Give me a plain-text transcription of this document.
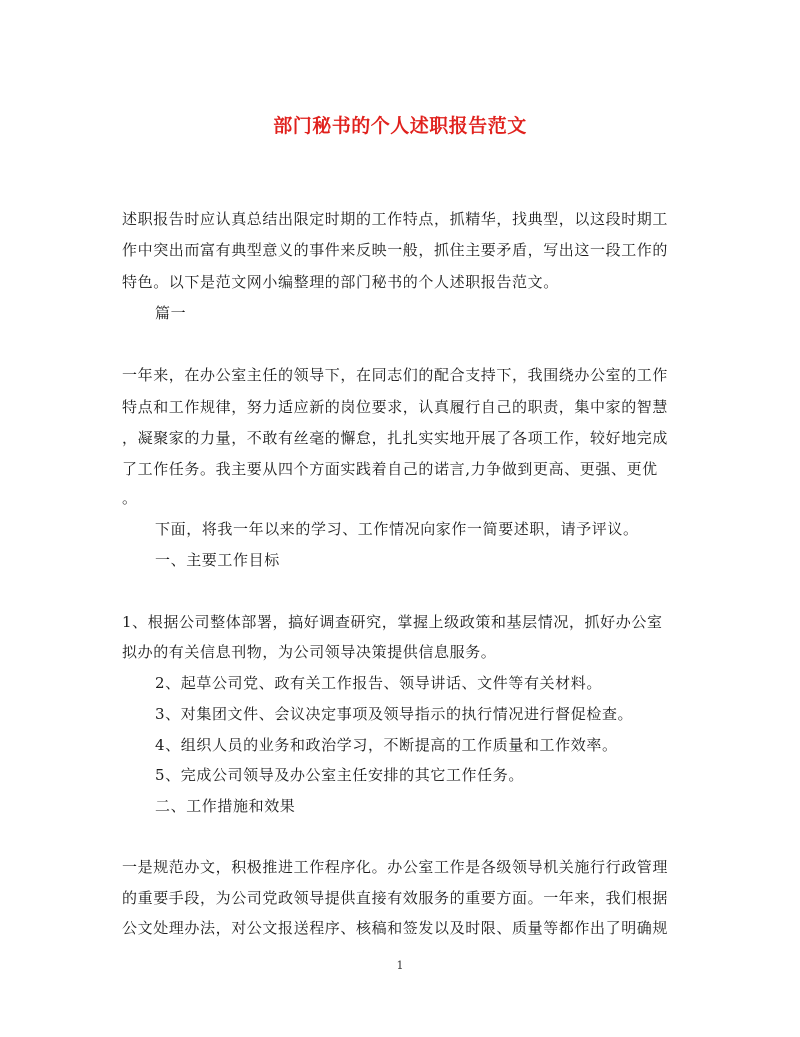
部门秘书的个人述职报告范文

述职报告时应认真总结出限定时期的工作特点，抓精华，找典型，以这段时期工

作中突出而富有典型意义的事件来反映一般，抓住主要矛盾，写出这一段工作的

特色。以下是范文网小编整理的部门秘书的个人述职报告范文。

篇一

一年来，在办公室主任的领导下，在同志们的配合支持下，我围绕办公室的工作

特点和工作规律，努力适应新的岗位要求，认真履行自己的职责，集中家的智慧

，凝聚家的力量，不敢有丝毫的懈怠，扎扎实实地开展了各项工作，较好地完成

了工作任务。我主要从四个方面实践着自己的诺言,力争做到更高、更强、更优

。

下面，将我一年以来的学习、工作情况向家作一简要述职，请予评议。

一、主要工作目标

1、根据公司整体部署，搞好调查研究，掌握上级政策和基层情况，抓好办公室

拟办的有关信息刊物，为公司领导决策提供信息服务。

2、起草公司党、政有关工作报告、领导讲话、文件等有关材料。

3、对集团文件、会议决定事项及领导指示的执行情况进行督促检查。

4、组织人员的业务和政治学习，不断提高的工作质量和工作效率。

5、完成公司领导及办公室主任安排的其它工作任务。

二、工作措施和效果

一是规范办文，积极推进工作程序化。办公室工作是各级领导机关施行行政管理

的重要手段，为公司党政领导提供直接有效服务的重要方面。一年来，我们根据

公文处理办法，对公文报送程序、核稿和签发以及时限、质量等都作出了明确规

1
